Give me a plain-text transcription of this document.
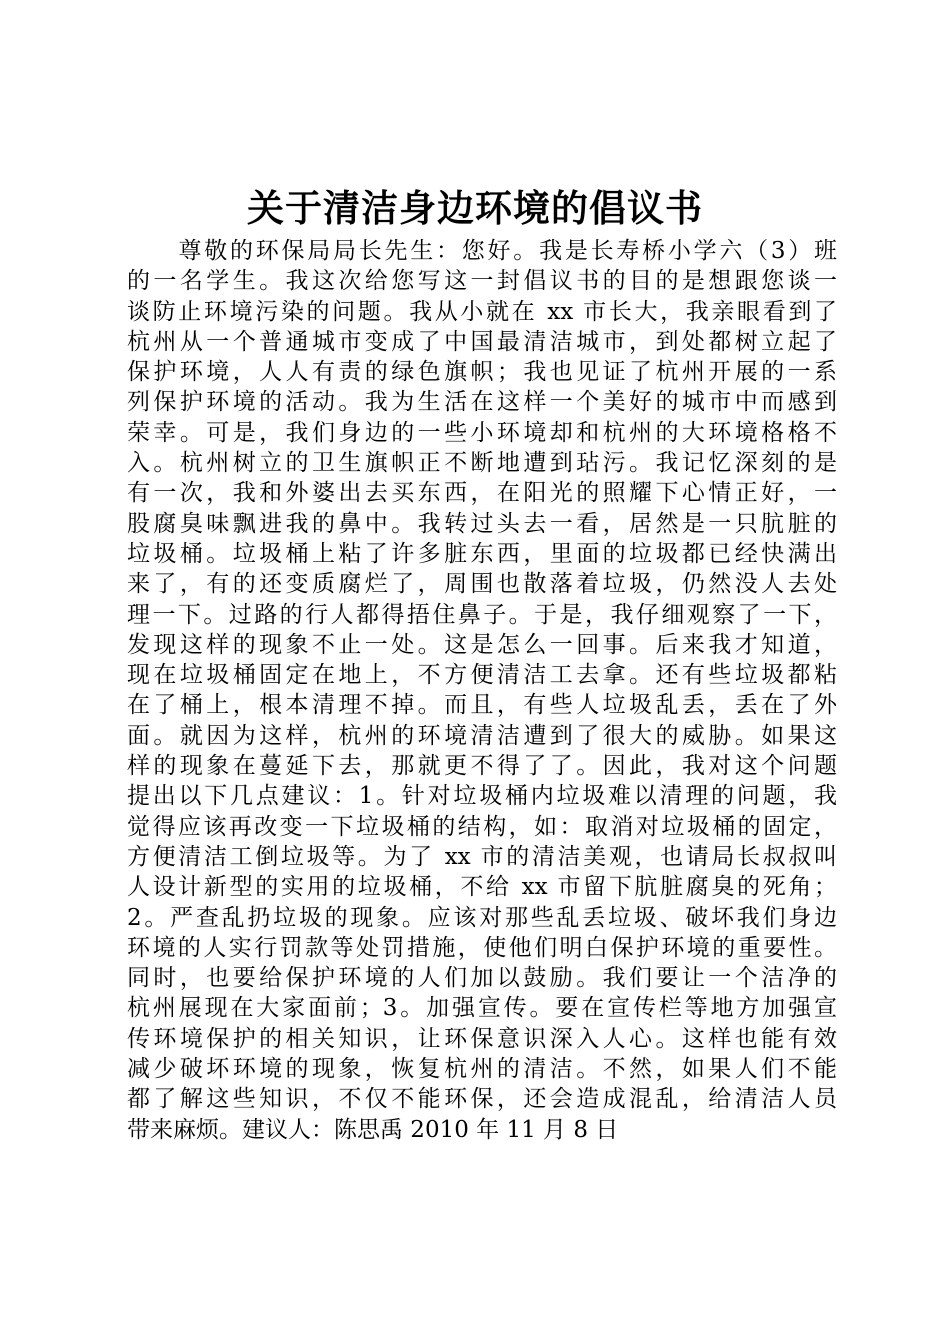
关于清洁身边环境的倡议书
　　尊敬的环保局局长先生：您好。我是长寿桥小学六（3）班
的一名学生。我这次给您写这一封倡议书的目的是想跟您谈一
谈防止环境污染的问题。我从小就在 xx 市长大，我亲眼看到了
杭州从一个普通城市变成了中国最清洁城市，到处都树立起了
保护环境，人人有责的绿色旗帜；我也见证了杭州开展的一系
列保护环境的活动。我为生活在这样一个美好的城市中而感到
荣幸。可是，我们身边的一些小环境却和杭州的大环境格格不
入。杭州树立的卫生旗帜正不断地遭到玷污。我记忆深刻的是
有一次，我和外婆出去买东西，在阳光的照耀下心情正好，一
股腐臭味飘进我的鼻中。我转过头去一看，居然是一只肮脏的
垃圾桶。垃圾桶上粘了许多脏东西，里面的垃圾都已经快满出
来了，有的还变质腐烂了，周围也散落着垃圾，仍然没人去处
理一下。过路的行人都得捂住鼻子。于是，我仔细观察了一下，
发现这样的现象不止一处。这是怎么一回事。后来我才知道，
现在垃圾桶固定在地上，不方便清洁工去拿。还有些垃圾都粘
在了桶上，根本清理不掉。而且，有些人垃圾乱丢，丢在了外
面。就因为这样，杭州的环境清洁遭到了很大的威胁。如果这
样的现象在蔓延下去，那就更不得了了。因此，我对这个问题
提出以下几点建议：1。针对垃圾桶内垃圾难以清理的问题，我
觉得应该再改变一下垃圾桶的结构，如：取消对垃圾桶的固定，
方便清洁工倒垃圾等。为了 xx 市的清洁美观，也请局长叔叔叫
人设计新型的实用的垃圾桶，不给 xx 市留下肮脏腐臭的死角；
2。严查乱扔垃圾的现象。应该对那些乱丢垃圾、破坏我们身边
环境的人实行罚款等处罚措施，使他们明白保护环境的重要性。
同时，也要给保护环境的人们加以鼓励。我们要让一个洁净的
杭州展现在大家面前；3。加强宣传。要在宣传栏等地方加强宣
传环境保护的相关知识，让环保意识深入人心。这样也能有效
减少破坏环境的现象，恢复杭州的清洁。不然，如果人们不能
都了解这些知识，不仅不能环保，还会造成混乱，给清洁人员
带来麻烦。建议人：陈思禹 2010 年 11 月 8 日
